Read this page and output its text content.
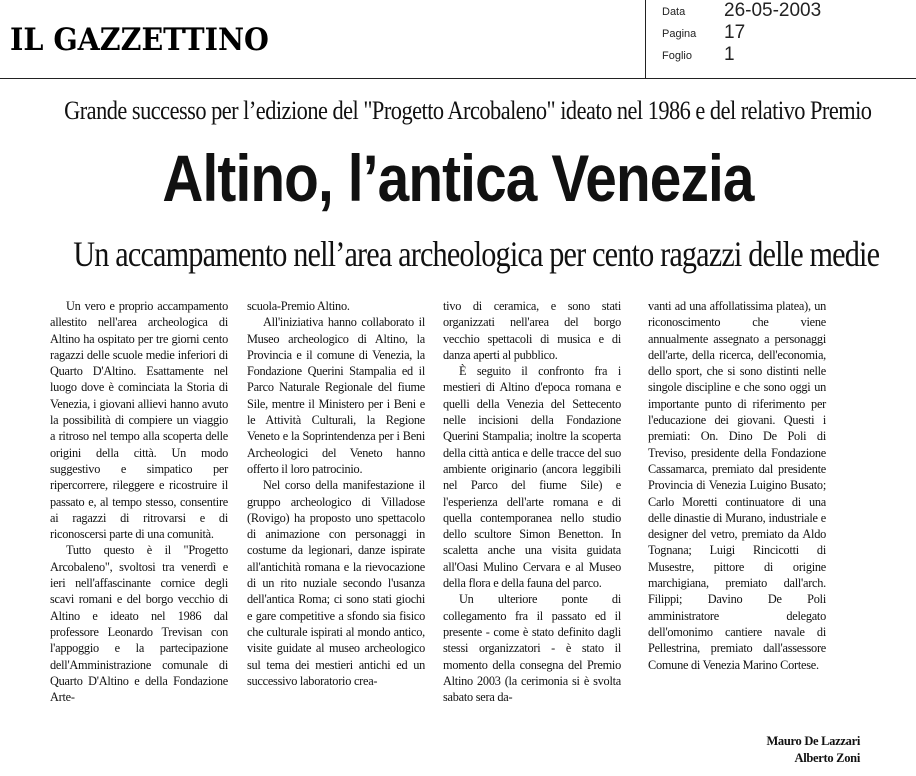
IL GAZZETTINO
Data 26-05-2003
Pagina 17
Foglio 1
Grande successo per l’edizione del "Progetto Arcobaleno" ideato nel 1986 e del relativo Premio
Altino, l’antica Venezia
Un accampamento nell’area archeologica per cento ragazzi delle medie

Un vero e proprio accampamento allestito nell'area archeologica di Altino ha ospitato per tre giorni cento ragazzi delle scuole medie inferiori di Quarto D'Altino. Esattamente nel luogo dove è cominciata la Storia di Venezia, i giovani allievi hanno avuto la possibilità di compiere un viaggio a ritroso nel tempo alla scoperta delle origini della città. Un modo suggestivo e simpatico per ripercorrere, rileggere e ricostruire il passato e, al tempo stesso, consentire ai ragazzi di ritrovarsi e di riconoscersi parte di una comunità.

Tutto questo è il "Progetto Arcobaleno", svoltosi tra venerdì e ieri nell'affascinante cornice degli scavi romani e del borgo vecchio di Altino e ideato nel 1986 dal professore Leonardo Trevisan con l'appoggio e la partecipazione dell'Amministrazione comunale di Quarto D'Altino e della Fondazione Arte-

scuola-Premio Altino.

All'iniziativa hanno collaborato il Museo archeologico di Altino, la Provincia e il comune di Venezia, la Fondazione Querini Stampalia ed il Parco Naturale Regionale del fiume Sile, mentre il Ministero per i Beni e le Attività Culturali, la Regione Veneto e la Soprintendenza per i Beni Archeologici del Veneto hanno offerto il loro patrocinio.

Nel corso della manifestazione il gruppo archeologico di Villadose (Rovigo) ha proposto uno spettacolo di animazione con personaggi in costume da legionari, danze ispirate all'antichità romana e la rievocazione di un rito nuziale secondo l'usanza dell'antica Roma; ci sono stati giochi e gare competitive a sfondo sia fisico che culturale ispirati al mondo antico, visite guidate al museo archeologico sul tema dei mestieri antichi ed un successivo laboratorio crea-

tivo di ceramica, e sono stati organizzati nell'area del borgo vecchio spettacoli di musica e di danza aperti al pubblico.

È seguito il confronto fra i mestieri di Altino d'epoca romana e quelli della Venezia del Settecento nelle incisioni della Fondazione Querini Stampalia; inoltre la scoperta della città antica e delle tracce del suo ambiente originario (ancora leggibili nel Parco del fiume Sile) e l'esperienza dell'arte romana e di quella contemporanea nello studio dello scultore Simon Benetton. In scaletta anche una visita guidata all'Oasi Mulino Cervara e al Museo della flora e della fauna del parco.

Un ulteriore ponte di collegamento fra il passato ed il presente - come è stato definito dagli stessi organizzatori - è stato il momento della consegna del Premio Altino 2003 (la cerimonia si è svolta sabato sera da-

vanti ad una affollatissima platea), un riconoscimento che viene annualmente assegnato a personaggi dell'arte, della ricerca, dell'economia, dello sport, che si sono distinti nelle singole discipline e che sono oggi un importante punto di riferimento per l'educazione dei giovani. Questi i premiati: On. Dino De Poli di Treviso, presidente della Fondazione Cassamarca, premiato dal presidente Provincia di Venezia Luigino Busato; Carlo Moretti continuatore di una delle dinastie di Murano, industriale e designer del vetro, premiato da Aldo Tognana; Luigi Rincicotti di Musestre, pittore di origine marchigiana, premiato dall'arch. Filippi; Davino De Poli amministratore delegato dell'omonimo cantiere navale di Pellestrina, premiato dall'assessore Comune di Venezia Marino Cortese.

Mauro De Lazzari
Alberto Zoni
